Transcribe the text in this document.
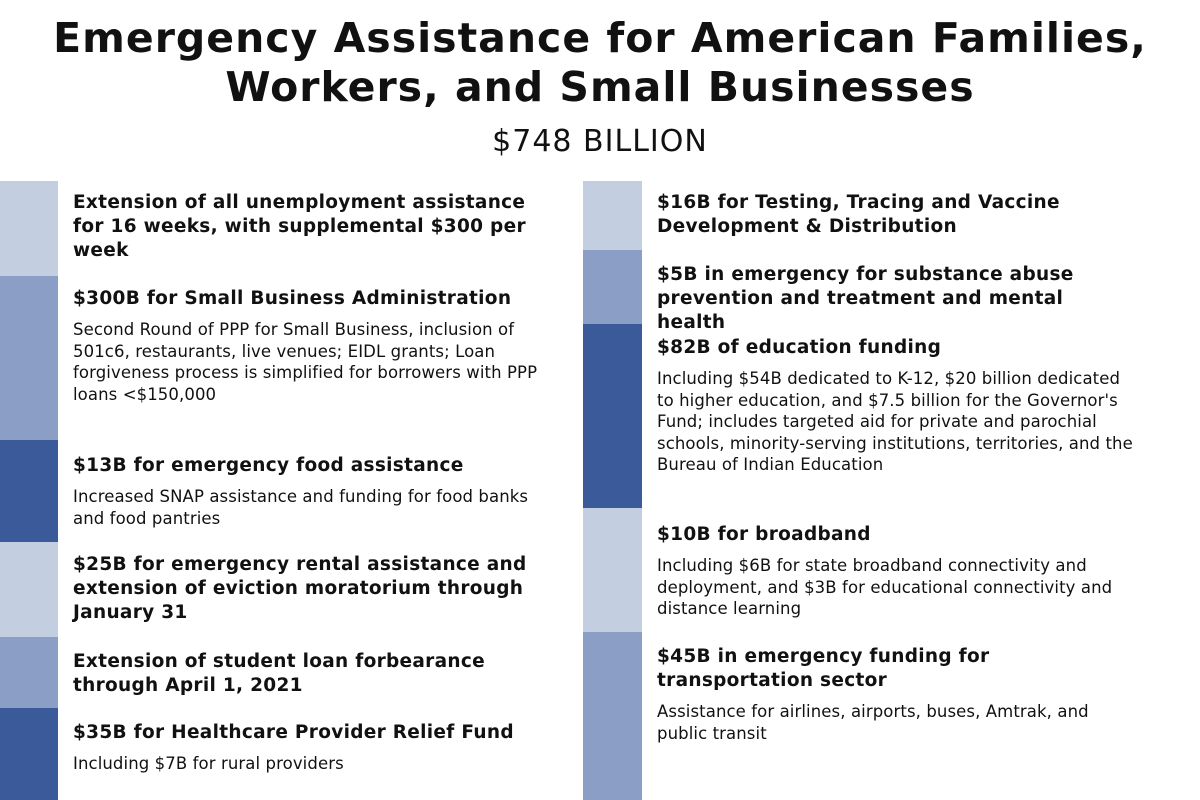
Emergency Assistance for American Families,
Workers, and Small Businesses
$748 BILLION
Extension of all unemployment assistance for 16 weeks, with supplemental $300 per week
$300B for Small Business Administration
Second Round of PPP for Small Business, inclusion of 501c6, restaurants, live venues; EIDL grants; Loan forgiveness process is simplified for borrowers with PPP loans <$150,000
$13B for emergency food assistance
Increased SNAP assistance and funding for food banks and food pantries
$25B for emergency rental assistance and extension of eviction moratorium through January 31
Extension of student loan forbearance through April 1, 2021
$35B for Healthcare Provider Relief Fund
Including $7B for rural providers
$16B for Testing, Tracing and Vaccine Development & Distribution
$5B in emergency for substance abuse prevention and treatment and mental health
$82B of education funding
Including $54B dedicated to K-12, $20 billion dedicated to higher education, and $7.5 billion for the Governor's Fund; includes targeted aid for private and parochial schools, minority-serving institutions, territories, and the Bureau of Indian Education
$10B for broadband
Including $6B for state broadband connectivity and deployment, and $3B for educational connectivity and distance learning
$45B in emergency funding for transportation sector
Assistance for airlines, airports, buses, Amtrak, and public transit
